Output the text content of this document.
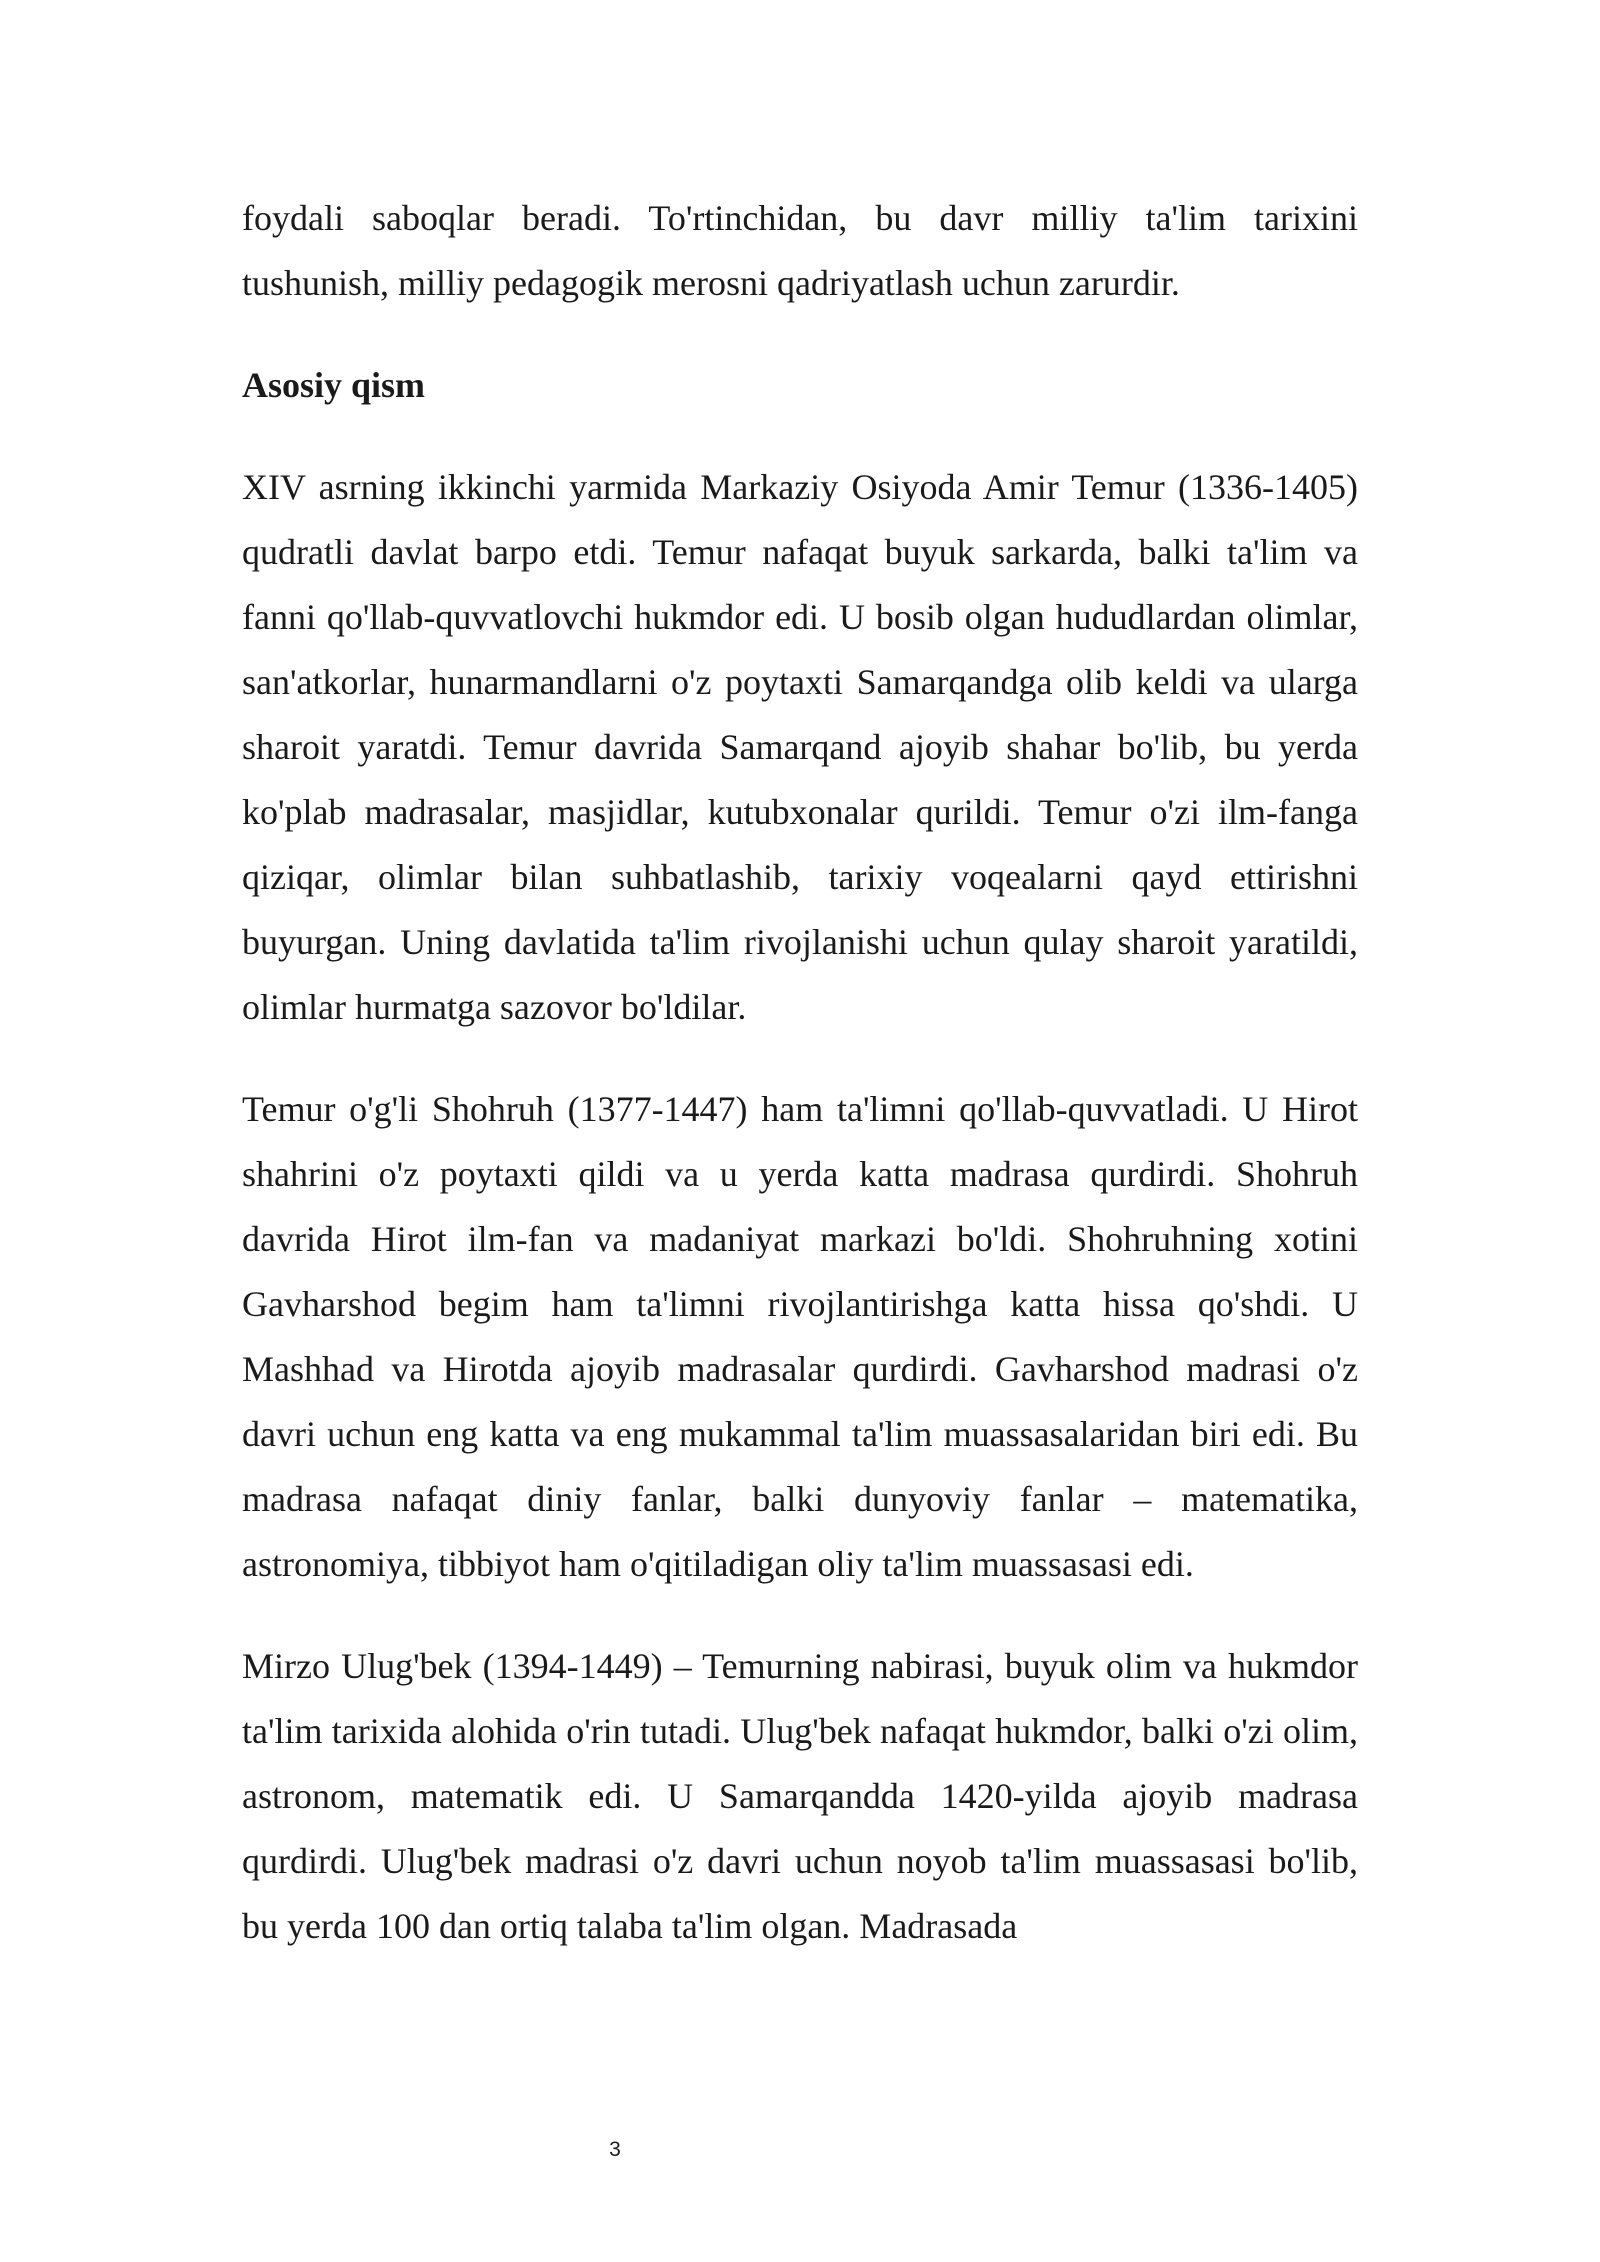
foydali saboqlar beradi. To'rtinchidan, bu davr milliy ta'lim tarixini tushunish, milliy pedagogik merosni qadriyatlash uchun zarurdir.

Asosiy qism

XIV asrning ikkinchi yarmida Markaziy Osiyoda Amir Temur (1336-1405) qudratli davlat barpo etdi. Temur nafaqat buyuk sarkarda, balki ta'lim va fanni qo'llab-quvvatlovchi hukmdor edi. U bosib olgan hududlardan olimlar, san'atkorlar, hunarmandlarni o'z poytaxti Samarqandga olib keldi va ularga sharoit yaratdi. Temur davrida Samarqand ajoyib shahar bo'lib, bu yerda ko'plab madrasalar, masjidlar, kutubxonalar qurildi. Temur o'zi ilm-fanga qiziqar, olimlar bilan suhbatlashib, tarixiy voqealarni qayd ettirishni buyurgan. Uning davlatida ta'lim rivojlanishi uchun qulay sharoit yaratildi, olimlar hurmatga sazovor bo'ldilar.

Temur o'g'li Shohruh (1377-1447) ham ta'limni qo'llab-quvvatladi. U Hirot shahrini o'z poytaxti qildi va u yerda katta madrasa qurdirdi. Shohruh davrida Hirot ilm-fan va madaniyat markazi bo'ldi. Shohruhning xotini Gavharshod begim ham ta'limni rivojlantirishga katta hissa qo'shdi. U Mashhad va Hirotda ajoyib madrasalar qurdirdi. Gavharshod madrasi o'z davri uchun eng katta va eng mukammal ta'lim muassasalaridan biri edi. Bu madrasa nafaqat diniy fanlar, balki dunyoviy fanlar – matematika, astronomiya, tibbiyot ham o'qitiladigan oliy ta'lim muassasasi edi.

Mirzo Ulug'bek (1394-1449) – Temurning nabirasi, buyuk olim va hukmdor ta'lim tarixida alohida o'rin tutadi. Ulug'bek nafaqat hukmdor, balki o'zi olim, astronom, matematik edi. U Samarqandda 1420-yilda ajoyib madrasa qurdirdi. Ulug'bek madrasi o'z davri uchun noyob ta'lim muassasasi bo'lib, bu yerda 100 dan ortiq talaba ta'lim olgan. Madrasada

3
